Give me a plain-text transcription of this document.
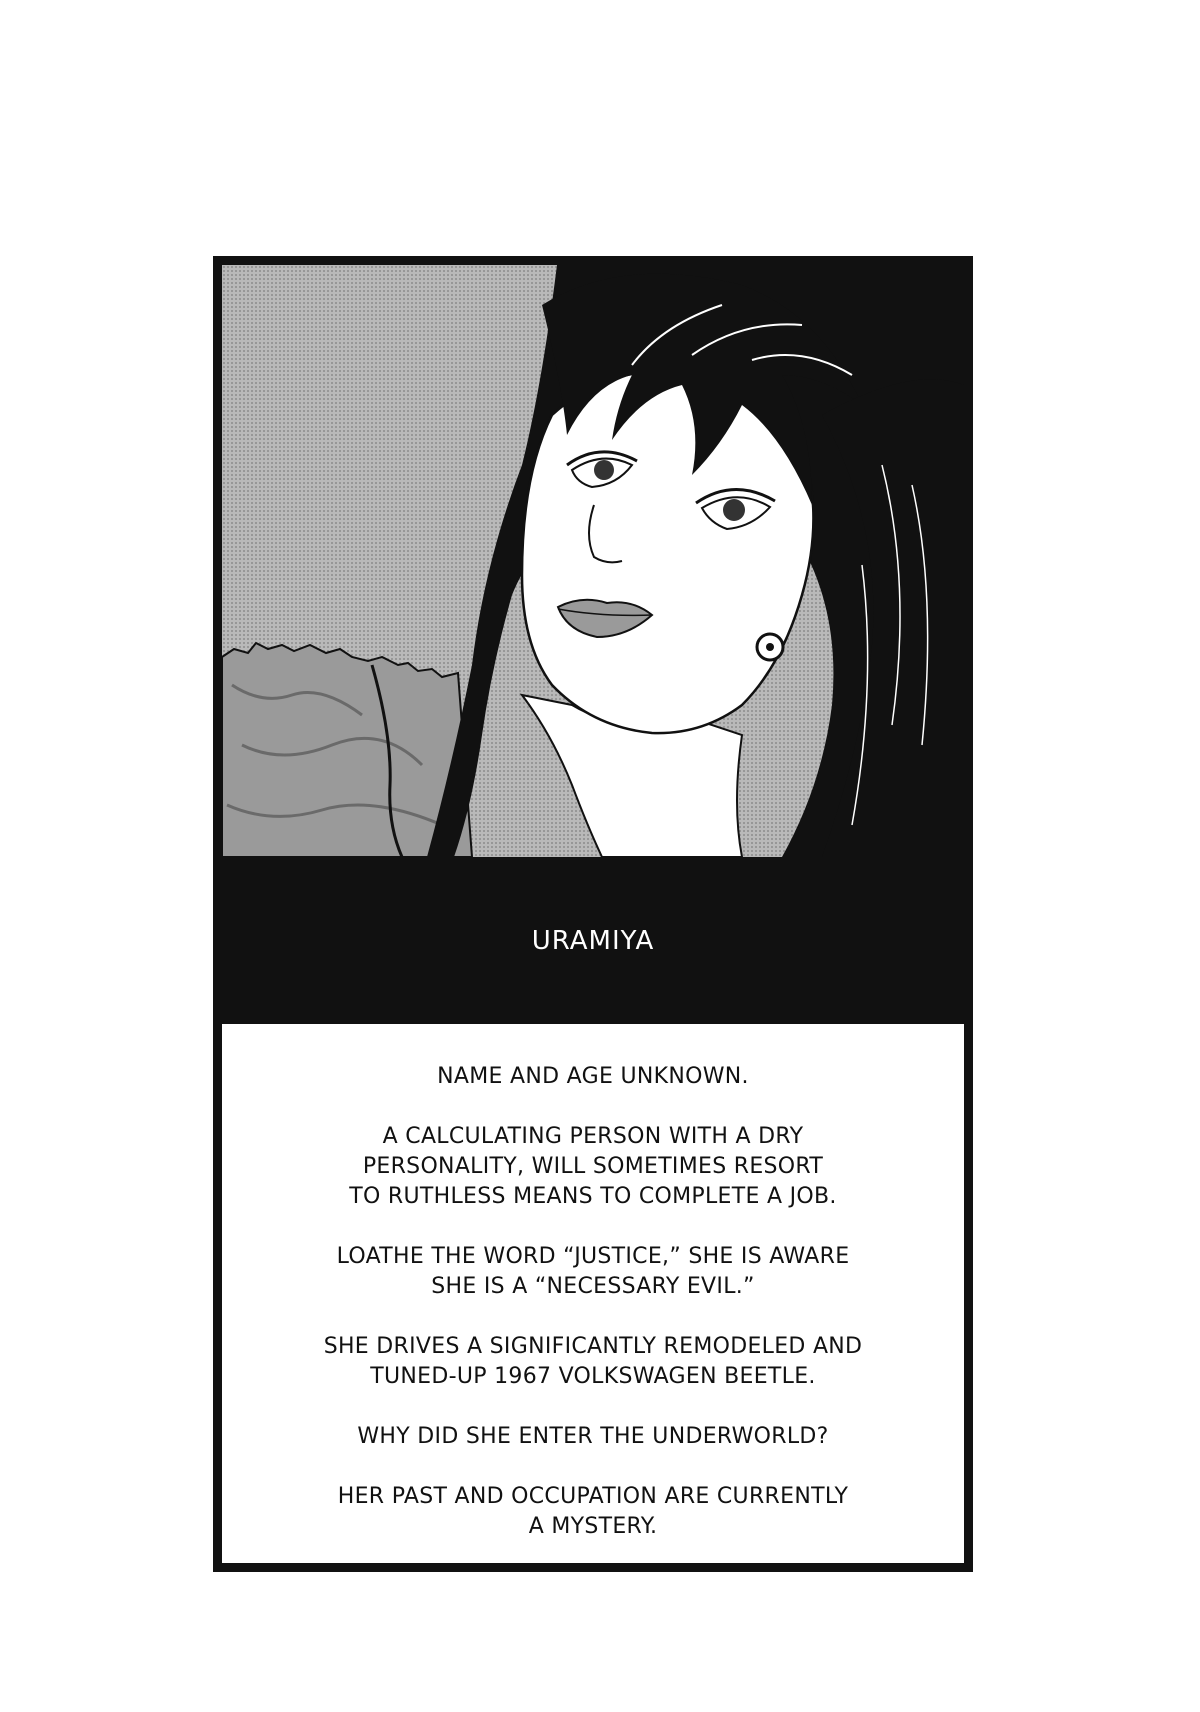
URAMIYA

NAME AND AGE UNKNOWN.

A CALCULATING PERSON WITH A DRY
PERSONALITY, WILL SOMETIMES RESORT
TO RUTHLESS MEANS TO COMPLETE A JOB.

LOATHE THE WORD “JUSTICE,” SHE IS AWARE
SHE IS A “NECESSARY EVIL.”

SHE DRIVES A SIGNIFICANTLY REMODELED AND
TUNED-UP 1967 VOLKSWAGEN BEETLE.

WHY DID SHE ENTER THE UNDERWORLD?

HER PAST AND OCCUPATION ARE CURRENTLY
A MYSTERY.
